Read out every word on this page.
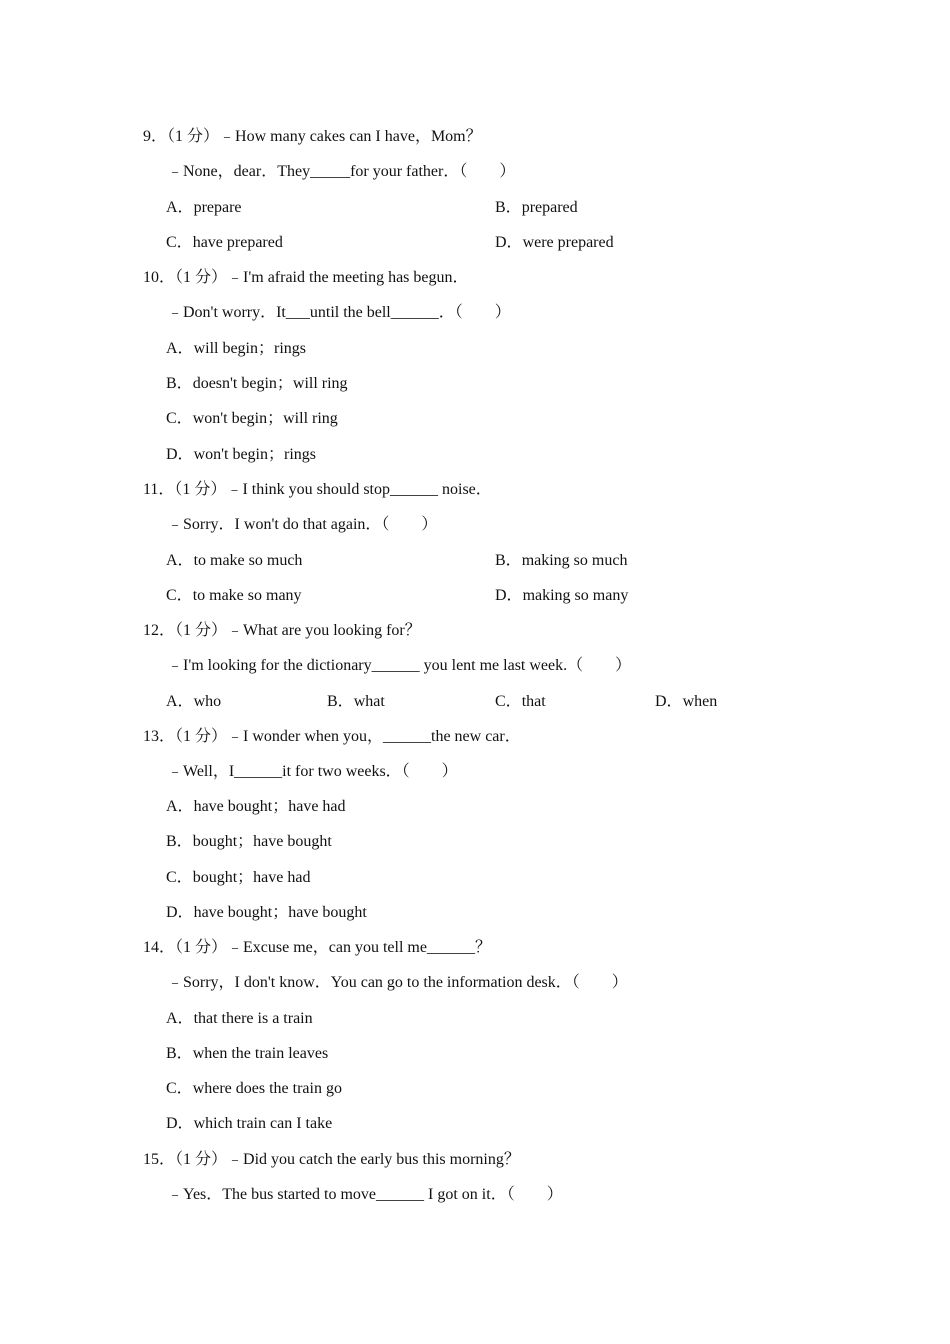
9．（1 分）﹣How many cakes can I have，Mom？
﹣None，dear．They_____for your father．（　　）
A．prepare	B．prepared
C．have prepared	D．were prepared
10．（1 分）﹣I'm afraid the meeting has begun．
﹣Don't worry．It___until the bell______．（　　）
A．will begin；rings
B．doesn't begin；will ring
C．won't begin；will ring
D．won't begin；rings
11．（1 分）﹣I think you should stop______ noise．
﹣Sorry．I won't do that again．（　　）
A．to make so much	B．making so much
C．to make so many	D．making so many
12．（1 分）﹣What are you looking for？
﹣I'm looking for the dictionary______ you lent me last week.（　　）
A．who	B．what	C．that	D．when
13．（1 分）﹣I wonder when you，______the new car．
﹣Well，I______it for two weeks．（　　）
A．have bought；have had
B．bought；have bought
C．bought；have had
D．have bought；have bought
14．（1 分）﹣Excuse me，can you tell me______？
﹣Sorry，I don't know．You can go to the information desk．（　　）
A．that there is a train
B．when the train leaves
C．where does the train go
D．which train can I take
15．（1 分）﹣Did you catch the early bus this morning？
﹣Yes．The bus started to move______ I got on it．（　　）
